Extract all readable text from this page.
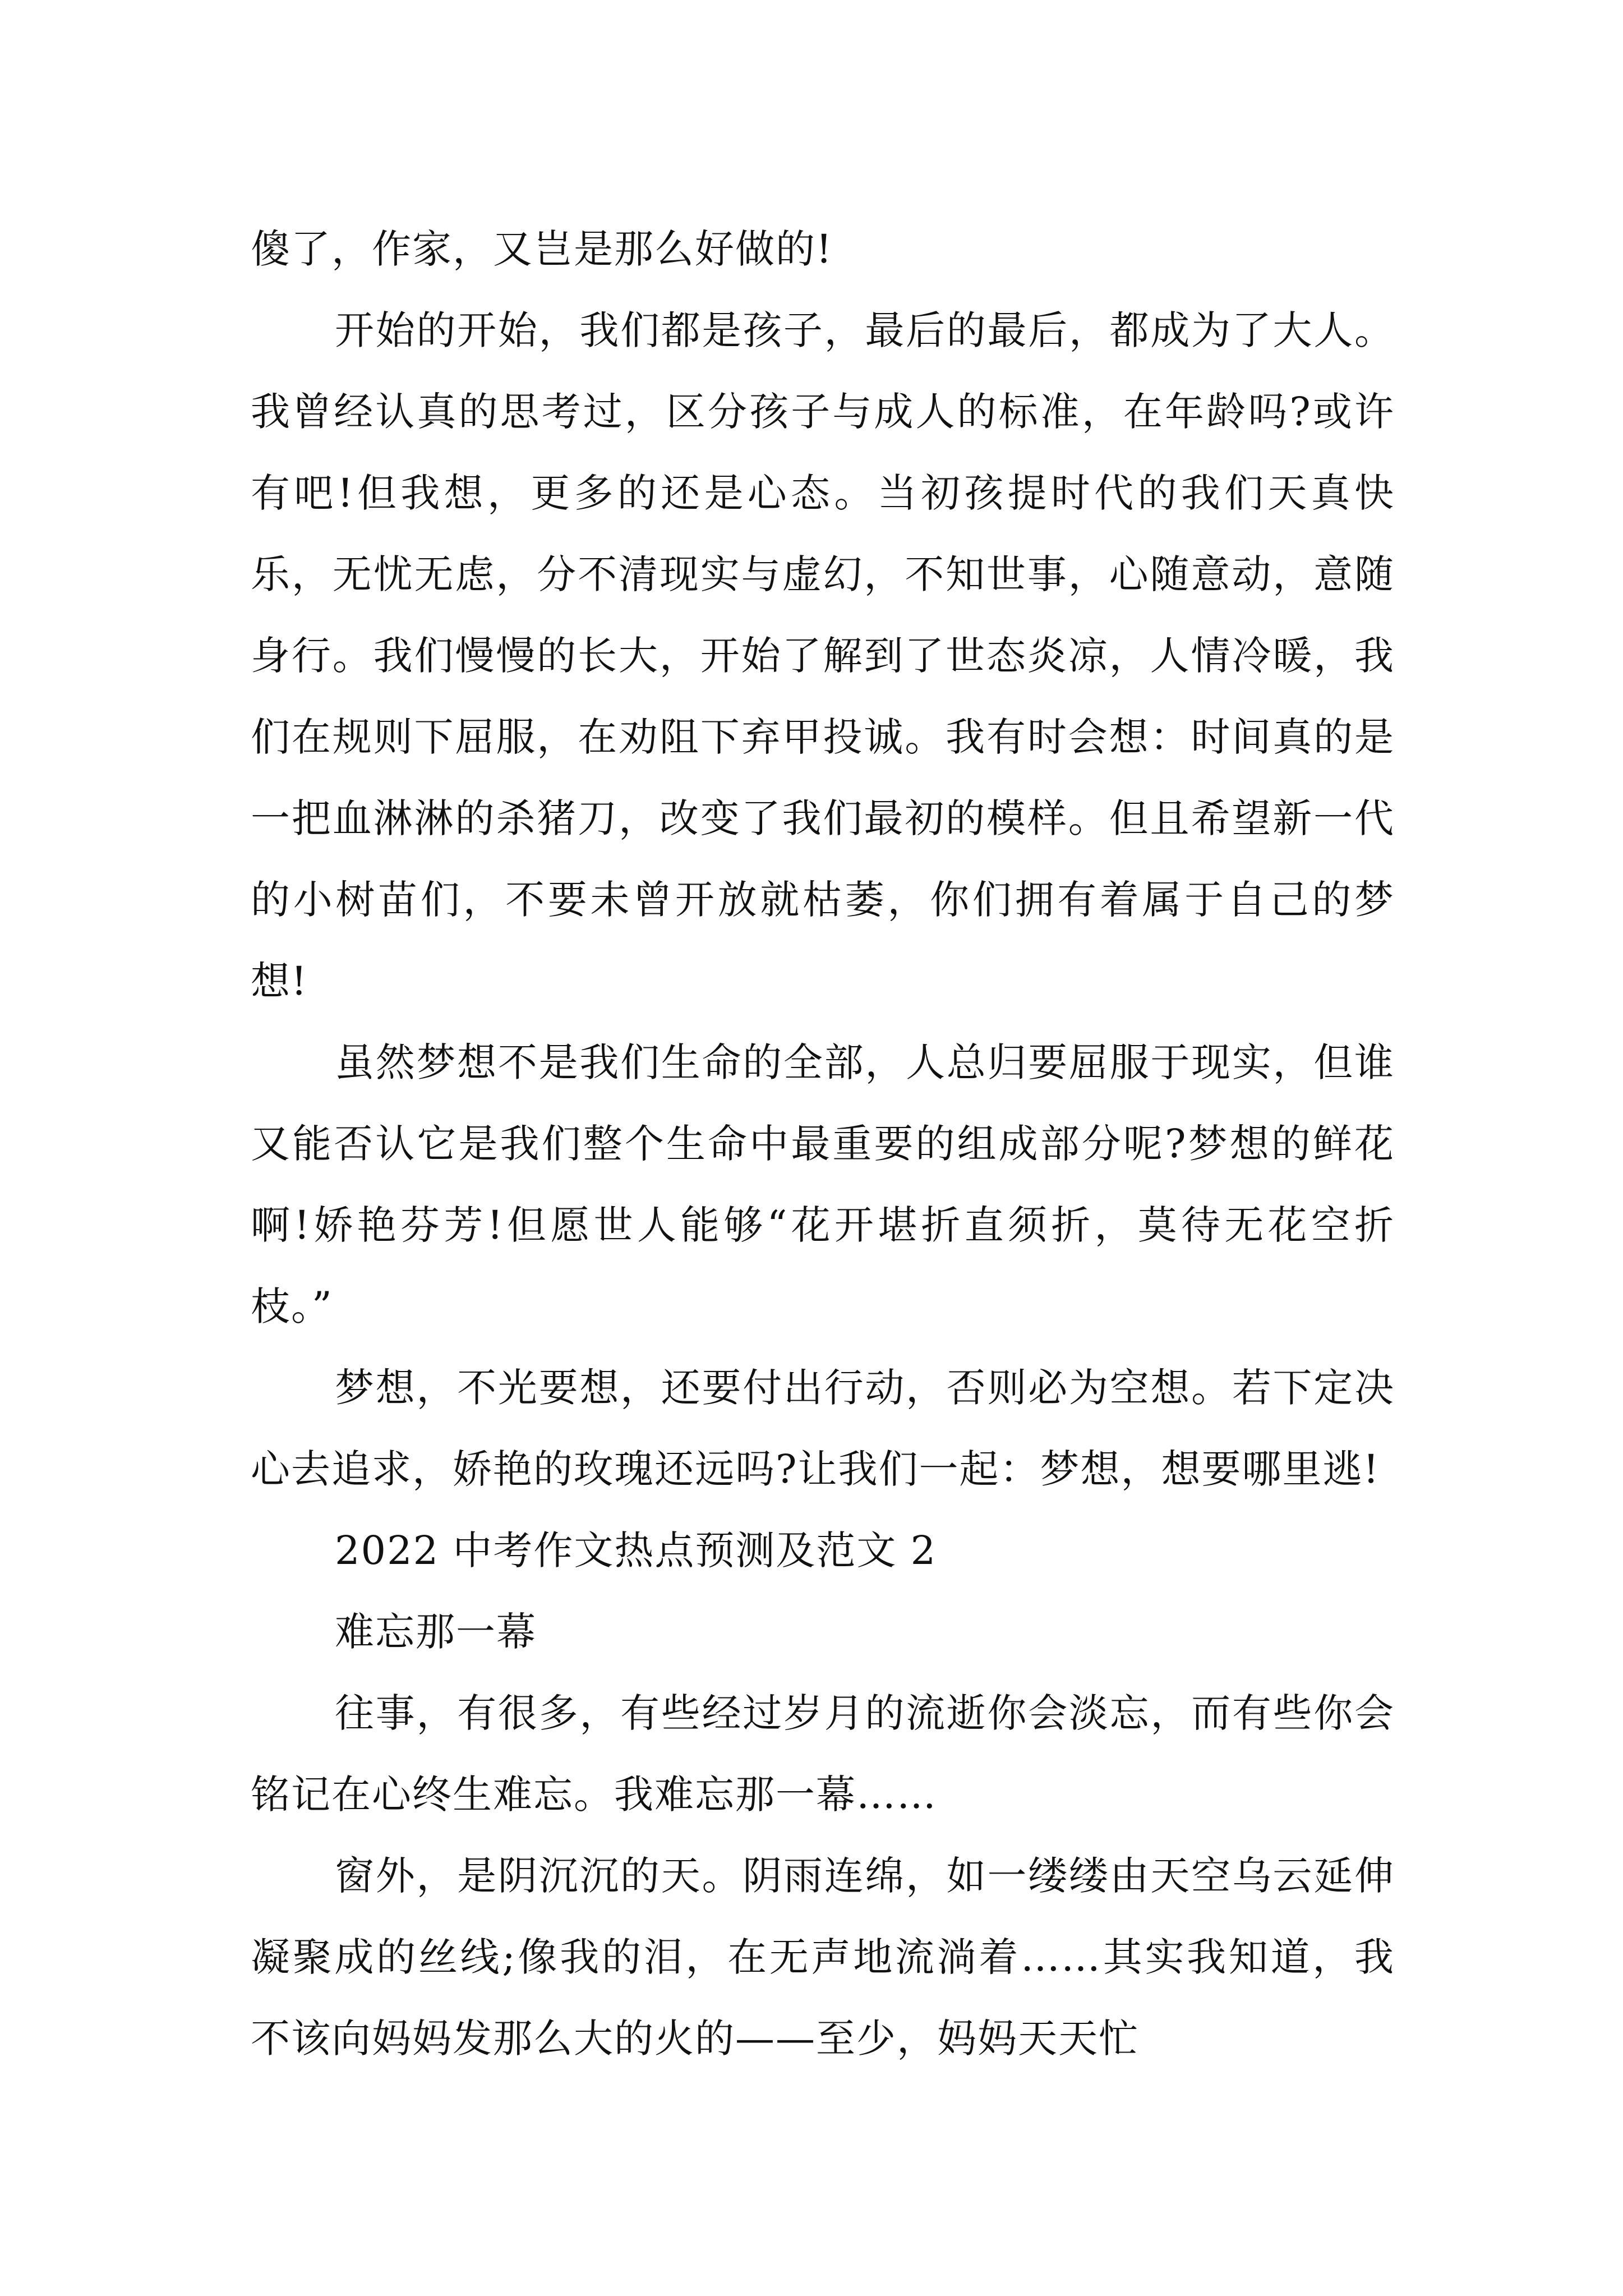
傻了，作家，又岂是那么好做的!

开始的开始，我们都是孩子，最后的最后，都成为了大人。我曾经认真的思考过，区分孩子与成人的标准，在年龄吗?或许有吧!但我想，更多的还是心态。当初孩提时代的我们天真快乐，无忧无虑，分不清现实与虚幻，不知世事，心随意动，意随身行。我们慢慢的长大，开始了解到了世态炎凉，人情冷暖，我们在规则下屈服，在劝阻下弃甲投诚。我有时会想：时间真的是一把血淋淋的杀猪刀，改变了我们最初的模样。但且希望新一代的小树苗们，不要未曾开放就枯萎，你们拥有着属于自己的梦想!

虽然梦想不是我们生命的全部，人总归要屈服于现实，但谁又能否认它是我们整个生命中最重要的组成部分呢?梦想的鲜花啊!娇艳芬芳!但愿世人能够“花开堪折直须折，莫待无花空折枝。”

梦想，不光要想，还要付出行动，否则必为空想。若下定决心去追求，娇艳的玫瑰还远吗?让我们一起：梦想，想要哪里逃!

2022 中考作文热点预测及范文 2

难忘那一幕

往事，有很多，有些经过岁月的流逝你会淡忘，而有些你会铭记在心终生难忘。我难忘那一幕……

窗外，是阴沉沉的天。阴雨连绵，如一缕缕由天空乌云延伸凝聚成的丝线;像我的泪，在无声地流淌着……其实我知道，我不该向妈妈发那么大的火的——至少，妈妈天天忙
